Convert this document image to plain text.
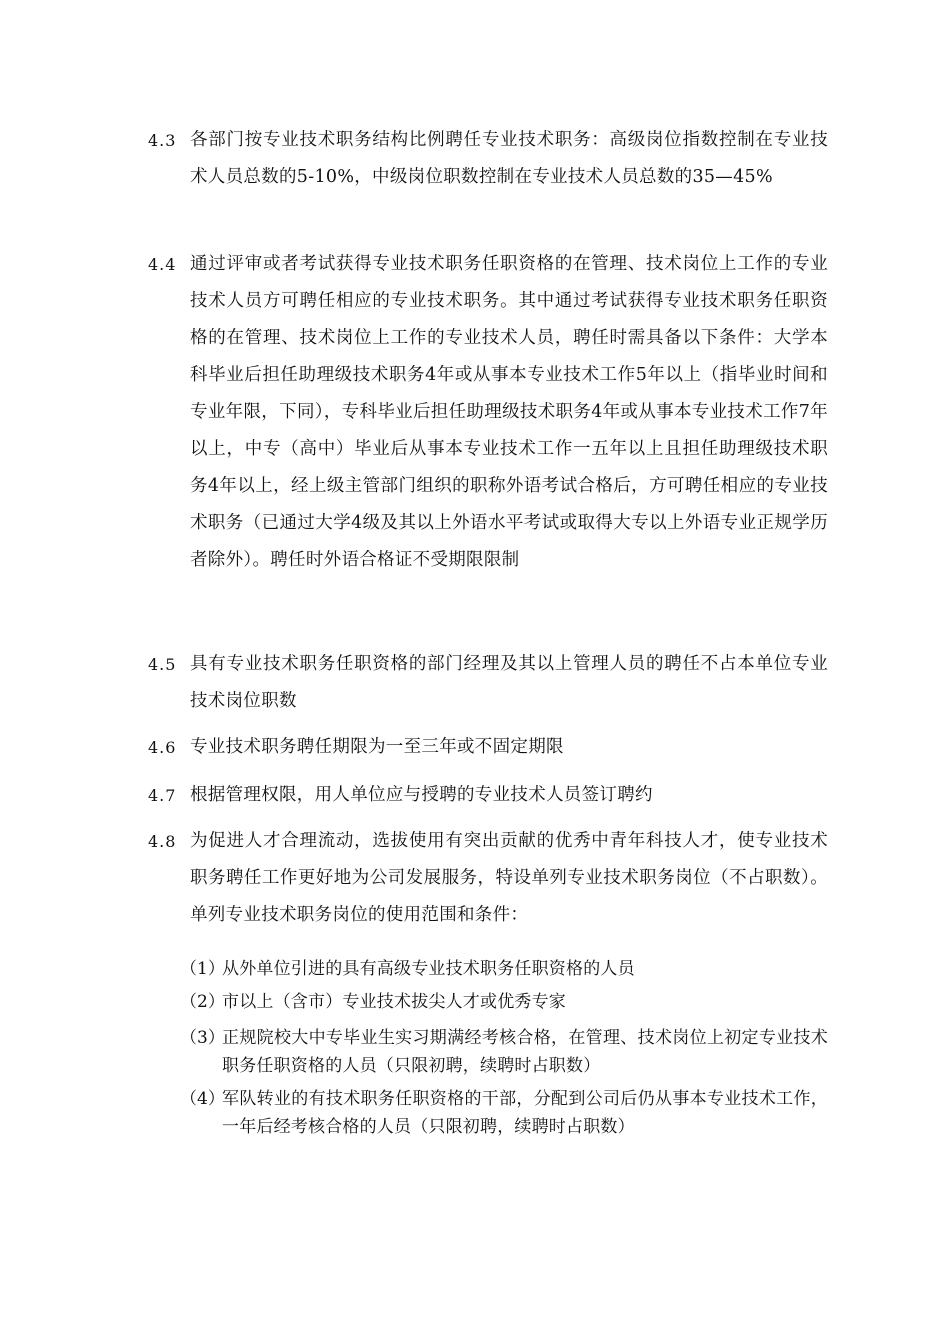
4.3 各部门按专业技术职务结构比例聘任专业技术职务：高级岗位指数控制在专业技术人员总数的5-10%，中级岗位职数控制在专业技术人员总数的35—45%
4.4 通过评审或者考试获得专业技术职务任职资格的在管理、技术岗位上工作的专业技术人员方可聘任相应的专业技术职务。其中通过考试获得专业技术职务任职资格的在管理、技术岗位上工作的专业技术人员，聘任时需具备以下条件：大学本科毕业后担任助理级技术职务4年或从事本专业技术工作5年以上（指毕业时间和专业年限，下同），专科毕业后担任助理级技术职务4年或从事本专业技术工作7年以上，中专（高中）毕业后从事本专业技术工作一五年以上且担任助理级技术职务4年以上，经上级主管部门组织的职称外语考试合格后，方可聘任相应的专业技术职务（已通过大学4级及其以上外语水平考试或取得大专以上外语专业正规学历者除外）。聘任时外语合格证不受期限限制
4.5 具有专业技术职务任职资格的部门经理及其以上管理人员的聘任不占本单位专业技术岗位职数
4.6 专业技术职务聘任期限为一至三年或不固定期限
4.7 根据管理权限，用人单位应与授聘的专业技术人员签订聘约
4.8 为促进人才合理流动，选拔使用有突出贡献的优秀中青年科技人才，使专业技术职务聘任工作更好地为公司发展服务，特设单列专业技术职务岗位（不占职数）。单列专业技术职务岗位的使用范围和条件：
（1）
从外单位引进的具有高级专业技术职务任职资格的人员
（2）
市以上（含市）专业技术拔尖人才或优秀专家
（3）
正规院校大中专毕业生实习期满经考核合格，在管理、技术岗位上初定专业技术职务任职资格的人员（只限初聘，续聘时占职数）
（4）
军队转业的有技术职务任职资格的干部，分配到公司后仍从事本专业技术工作，一年后经考核合格的人员（只限初聘，续聘时占职数）
